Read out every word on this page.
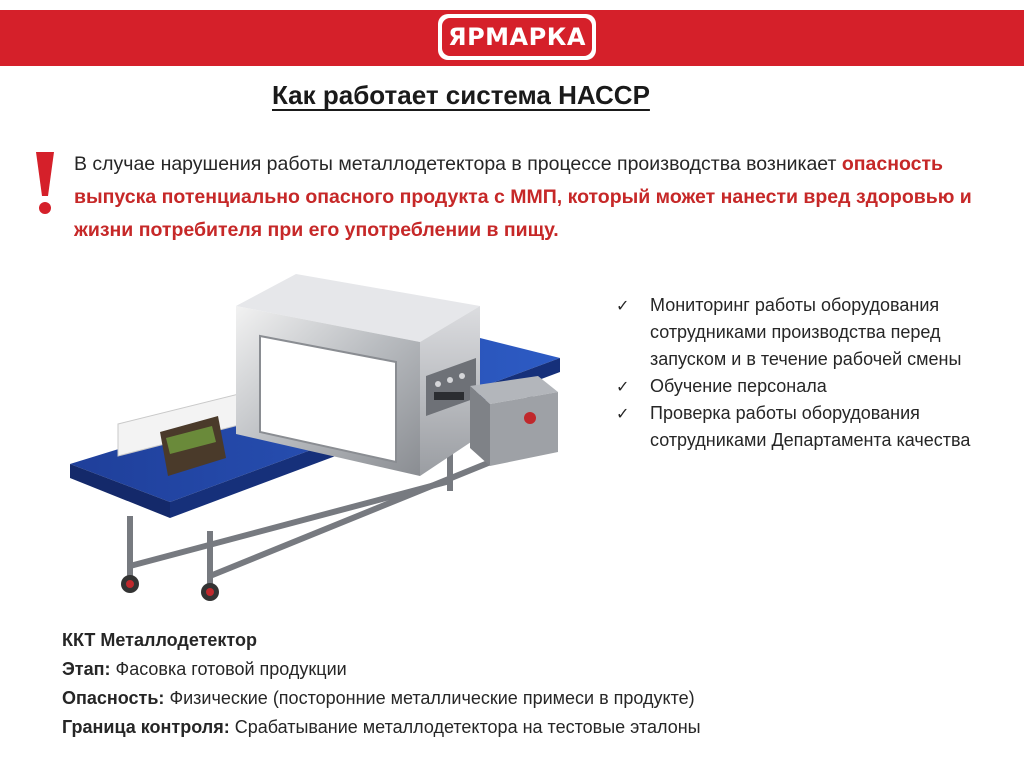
ЯРМАРКА
Как работает система НАССР
В случае нарушения работы металлодетектора в процессе производства возникает опасность выпуска потенциально опасного продукта с ММП, который может нанести вред здоровью и жизни потребителя при его употреблении в пищу.
✓ Мониторинг работы оборудования сотрудниками производства перед запуском и в течение рабочей смены
✓ Обучение персонала
✓ Проверка работы оборудования сотрудниками Департамента качества
ККТ Металлодетектор
Этап: Фасовка готовой продукции
Опасность: Физические (посторонние металлические примеси в продукте)
Граница контроля: Срабатывание металлодетектора на тестовые эталоны
